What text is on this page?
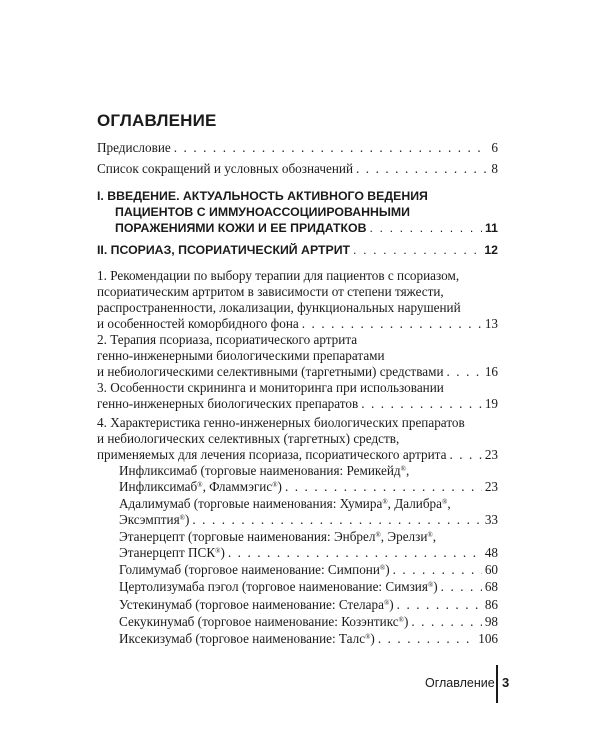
ОГЛАВЛЕНИЕ
Предисловие . . .	6
Список сокращений и условных обозначений . . .	8
I. ВВЕДЕНИЕ. АКТУАЛЬНОСТЬ АКТИВНОГО ВЕДЕНИЯ
ПАЦИЕНТОВ С ИММУНОАССОЦИИРОВАННЫМИ
ПОРАЖЕНИЯМИ КОЖИ И ЕЕ ПРИДАТКОВ . . .	11
II. ПСОРИАЗ, ПСОРИАТИЧЕСКИЙ АРТРИТ . . .	12
1. Рекомендации по выбору терапии для пациентов с псориазом,
псориатическим артритом в зависимости от степени тяжести,
распространенности, локализации, функциональных нарушений
и особенностей коморбидного фона . . .	13
2. Терапия псориаза, псориатического артрита
генно-инженерными биологическими препаратами
и небиологическими селективными (таргетными) средствами . . .	16
3. Особенности скрининга и мониторинга при использовании
генно-инженерных биологических препаратов . . .	19
4. Характеристика генно-инженерных биологических препаратов
и небиологических селективных (таргетных) средств,
применяемых для лечения псориаза, псориатического артрита . . .	23
Инфликсимаб (торговые наименования: Ремикейд®,
Инфликсимаб®, Фламмэгис®) . . .	23
Адалимумаб (торговые наименования: Хумира®, Далибра®,
Эксэмптия®) . . .	33
Этанерцепт (торговые наименования: Энбрел®, Эрелзи®,
Этанерцепт ПСК®) . . .	48
Голимумаб (торговое наименование: Симпони®) . . .	60
Цертолизумаба пэгол (торговое наименование: Симзия®) . . .	68
Устекинумаб (торговое наименование: Стелара®) . . .	86
Секукинумаб (торговое наименование: Козэнтикс®) . . .	98
Иксекизумаб (торговое наименование: Талс®) . . .	106
Оглавление 3
